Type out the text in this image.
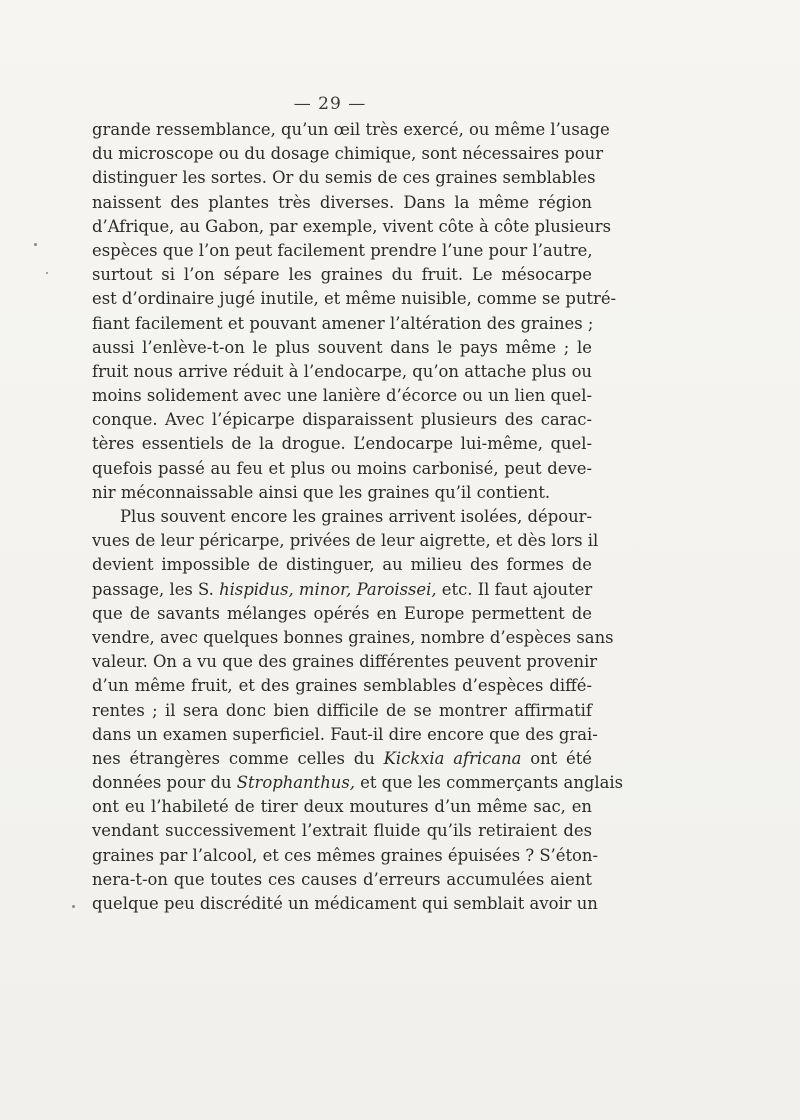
— 29 —
grande ressemblance, qu’un œil très exercé, ou même l’usage
du microscope ou du dosage chimique, sont nécessaires pour
distinguer les sortes. Or du semis de ces graines semblables
naissent des plantes très diverses. Dans la même région
d’Afrique, au Gabon, par exemple, vivent côte à côte plusieurs
espèces que l’on peut facilement prendre l’une pour l’autre,
surtout si l’on sépare les graines du fruit. Le mésocarpe
est d’ordinaire jugé inutile, et même nuisible, comme se putré-
fiant facilement et pouvant amener l’altération des graines ;
aussi l’enlève-t-on le plus souvent dans le pays même ; le
fruit nous arrive réduit à l’endocarpe, qu’on attache plus ou
moins solidement avec une lanière d’écorce ou un lien quel-
conque. Avec l’épicarpe disparaissent plusieurs des carac-
tères essentiels de la drogue. L’endocarpe lui-même, quel-
quefois passé au feu et plus ou moins carbonisé, peut deve-
nir méconnaissable ainsi que les graines qu’il contient.
Plus souvent encore les graines arrivent isolées, dépour-
vues de leur péricarpe, privées de leur aigrette, et dès lors il
devient impossible de distinguer, au milieu des formes de
passage, les S. hispidus, minor, Paroissei, etc. Il faut ajouter
que de savants mélanges opérés en Europe permettent de
vendre, avec quelques bonnes graines, nombre d’espèces sans
valeur. On a vu que des graines différentes peuvent provenir
d’un même fruit, et des graines semblables d’espèces diffé-
rentes ; il sera donc bien difficile de se montrer affirmatif
dans un examen superficiel. Faut-il dire encore que des grai-
nes étrangères comme celles du Kickxia africana ont été
données pour du Strophanthus, et que les commerçants anglais
ont eu l’habileté de tirer deux moutures d’un même sac, en
vendant successivement l’extrait fluide qu’ils retiraient des
graines par l’alcool, et ces mêmes graines épuisées ? S’éton-
nera-t-on que toutes ces causes d’erreurs accumulées aient
quelque peu discrédité un médicament qui semblait avoir un
